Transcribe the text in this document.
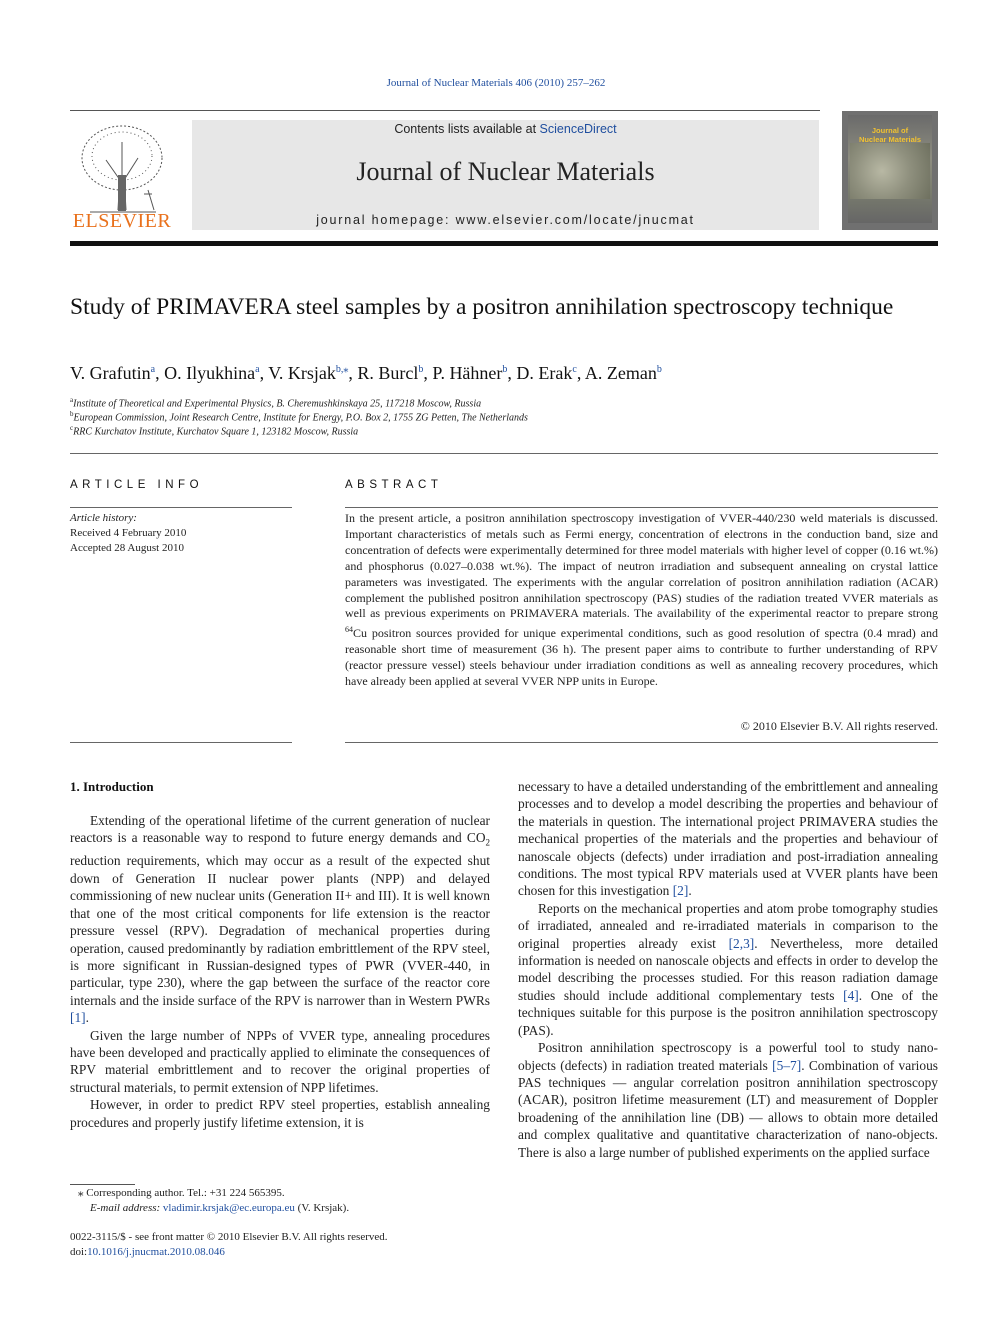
Journal of Nuclear Materials 406 (2010) 257–262
ELSEVIER
Contents lists available at ScienceDirect
Journal of Nuclear Materials
journal homepage: www.elsevier.com/locate/jnucmat
Journal of
Nuclear Materials
Study of PRIMAVERA steel samples by a positron annihilation spectroscopy technique
V. Grafutin$^a$, O. Ilyukhina$^a$, V. Krsjak$^{b,⁎}$, R. Burcl$^b$, P. Hähner$^b$, D. Erak$^c$, A. Zeman$^b$
$^a$Institute of Theoretical and Experimental Physics, B. Cheremushkinskaya 25, 117218 Moscow, Russia
$^b$European Commission, Joint Research Centre, Institute for Energy, P.O. Box 2, 1755 ZG Petten, The Netherlands
$^c$RRC Kurchatov Institute, Kurchatov Square 1, 123182 Moscow, Russia
ARTICLE INFO
Article history:
Received 4 February 2010
Accepted 28 August 2010
ABSTRACT
In the present article, a positron annihilation spectroscopy investigation of VVER-440/230 weld materials is discussed. Important characteristics of metals such as Fermi energy, concentration of electrons in the conduction band, size and concentration of defects were experimentally determined for three model materials with higher level of copper (0.16 wt.%) and phosphorus (0.027–0.038 wt.%). The impact of neutron irradiation and subsequent annealing on crystal lattice parameters was investigated. The experiments with the angular correlation of positron annihilation radiation (ACAR) complement the published positron annihilation spectroscopy (PAS) studies of the radiation treated VVER materials as well as previous experiments on PRIMAVERA materials. The availability of the experimental reactor to prepare strong $^{64}$Cu positron sources provided for unique experimental conditions, such as good resolution of spectra (0.4 mrad) and reasonable short time of measurement (36 h). The present paper aims to contribute to further understanding of RPV (reactor pressure vessel) steels behaviour under irradiation conditions as well as annealing recovery procedures, which have already been applied at several VVER NPP units in Europe.
© 2010 Elsevier B.V. All rights reserved.
1. Introduction

Extending of the operational lifetime of the current generation of nuclear reactors is a reasonable way to respond to future energy demands and $CO_2$ reduction requirements, which may occur as a result of the expected shut down of Generation II nuclear power plants (NPP) and delayed commissioning of new nuclear units (Generation II+ and III). It is well known that one of the most critical components for life extension is the reactor pressure vessel (RPV). Degradation of mechanical properties during operation, caused predominantly by radiation embrittlement of the RPV steel, is more significant in Russian-designed types of PWR (VVER-440, in particular, type 230), where the gap between the surface of the reactor core internals and the inside surface of the RPV is narrower than in Western PWRs [1].

Given the large number of NPPs of VVER type, annealing procedures have been developed and practically applied to eliminate the consequences of RPV material embrittlement and to recover the original properties of structural materials, to permit extension of NPP lifetimes.

However, in order to predict RPV steel properties, establish annealing procedures and properly justify lifetime extension, it is

necessary to have a detailed understanding of the embrittlement and annealing processes and to develop a model describing the properties and behaviour of the materials in question. The international project PRIMAVERA studies the mechanical properties of the materials and the properties and behaviour of nanoscale objects (defects) under irradiation and post-irradiation annealing conditions. The most typical RPV materials used at VVER plants have been chosen for this investigation [2].

Reports on the mechanical properties and atom probe tomography studies of irradiated, annealed and re-irradiated materials in comparison to the original properties already exist [2,3]. Nevertheless, more detailed information is needed on nanoscale objects and effects in order to develop the model describing the processes studied. For this reason radiation damage studies should include additional complementary tests [4]. One of the techniques suitable for this purpose is the positron annihilation spectroscopy (PAS).

Positron annihilation spectroscopy is a powerful tool to study nano-objects (defects) in radiation treated materials [5–7]. Combination of various PAS techniques — angular correlation positron annihilation spectroscopy (ACAR), positron lifetime measurement (LT) and measurement of Doppler broadening of the annihilation line (DB) — allows to obtain more detailed and complex qualitative and quantitative characterization of nano-objects. There is also a large number of published experiments on the applied surface

⁎ Corresponding author. Tel.: +31 224 565395.
E-mail address: vladimir.krsjak@ec.europa.eu (V. Krsjak).
0022-3115/$ - see front matter © 2010 Elsevier B.V. All rights reserved.
doi:10.1016/j.jnucmat.2010.08.046
